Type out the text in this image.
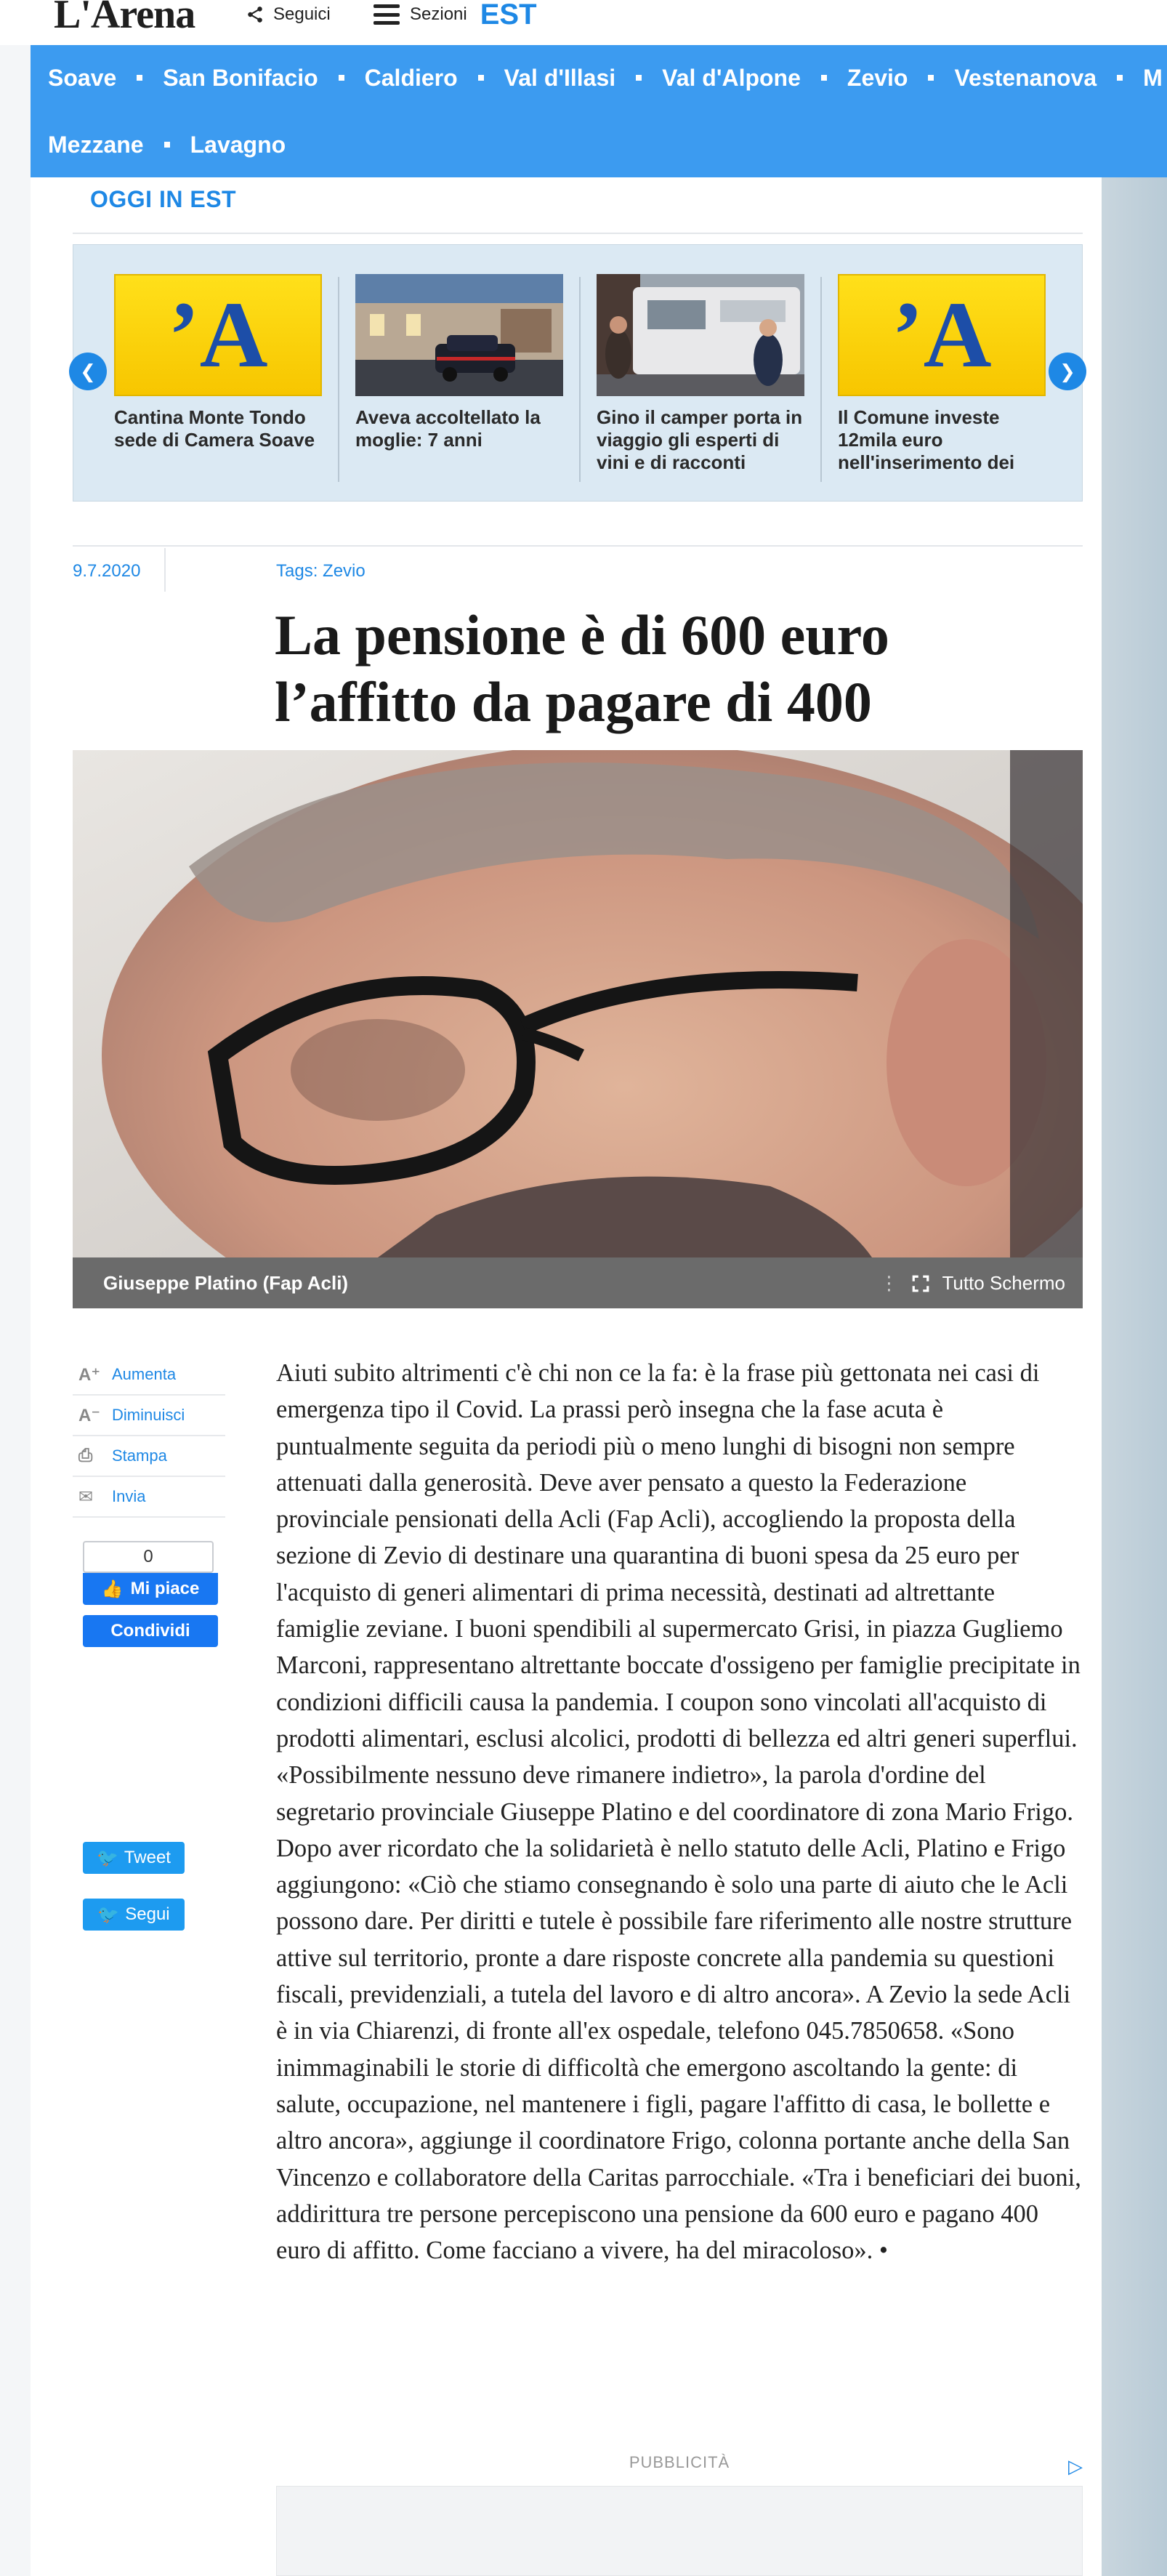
L'Arena	Seguici	Sezioni EST
Soave San Bonifacio Caldiero Val d'Illasi Val d'Alpone Zevio Vestenanova M
Mezzane Lavagno
OGGI IN EST
❮ ’A
Cantina Monte Tondo sede di Camera Soave
Aveva accoltellato la moglie: 7 anni
Gino il camper porta in viaggio gli esperti di vini e di racconti
’A
Il Comune investe 12mila euro nell'inserimento dei
❯
9.7.2020	Tags: Zevio
La pensione è di 600 euro l’affitto da pagare di 400
Giuseppe Platino (Fap Acli)	⋮ Tutto Schermo
A⁺ Aumenta
A⁻ Diminuisci
⎙	Stampa
✉	Invia
0
👍 Mi piace
Condividi
🐦 Tweet
🐦 Segui
Aiuti subito altrimenti c'è chi non ce la fa: è la frase più gettonata nei casi di emergenza tipo il Covid. La prassi però insegna che la fase acuta è puntualmente seguita da periodi più o meno lunghi di bisogni non sempre attenuati dalla generosità. Deve aver pensato a questo la Federazione provinciale pensionati della Acli (Fap Acli), accogliendo la proposta della sezione di Zevio di destinare una quarantina di buoni spesa da 25 euro per l'acquisto di generi alimentari di prima necessità, destinati ad altrettante famiglie zeviane. I buoni spendibili al supermercato Grisi, in piazza Gugliemo Marconi, rappresentano altrettante boccate d'ossigeno per famiglie precipitate in condizioni difficili causa la pandemia. I coupon sono vincolati all'acquisto di prodotti alimentari, esclusi alcolici, prodotti di bellezza ed altri generi superflui. «Possibilmente nessuno deve rimanere indietro», la parola d'ordine del segretario provinciale Giuseppe Platino e del coordinatore di zona Mario Frigo. Dopo aver ricordato che la solidarietà è nello statuto delle Acli, Platino e Frigo aggiungono: «Ciò che stiamo consegnando è solo una parte di aiuto che le Acli possono dare. Per diritti e tutele è possibile fare riferimento alle nostre strutture attive sul territorio, pronte a dare risposte concrete alla pandemia su questioni fiscali, previdenziali, a tutela del lavoro e di altro ancora». A Zevio la sede Acli è in via Chiarenzi, di fronte all'ex ospedale, telefono 045.7850658. «Sono inimmaginabili le storie di difficoltà che emergono ascoltando la gente: di salute, occupazione, nel mantenere i figli, pagare l'affitto di casa, le bollette e altro ancora», aggiunge il coordinatore Frigo, colonna portante anche della San Vincenzo e collaboratore della Caritas parrocchiale. «Tra i beneficiari dei buoni, addirittura tre persone percepiscono una pensione da 600 euro e pagano 400 euro di affitto. Come facciano a vivere, ha del miracoloso». •
PUBBLICITÀ	▷
